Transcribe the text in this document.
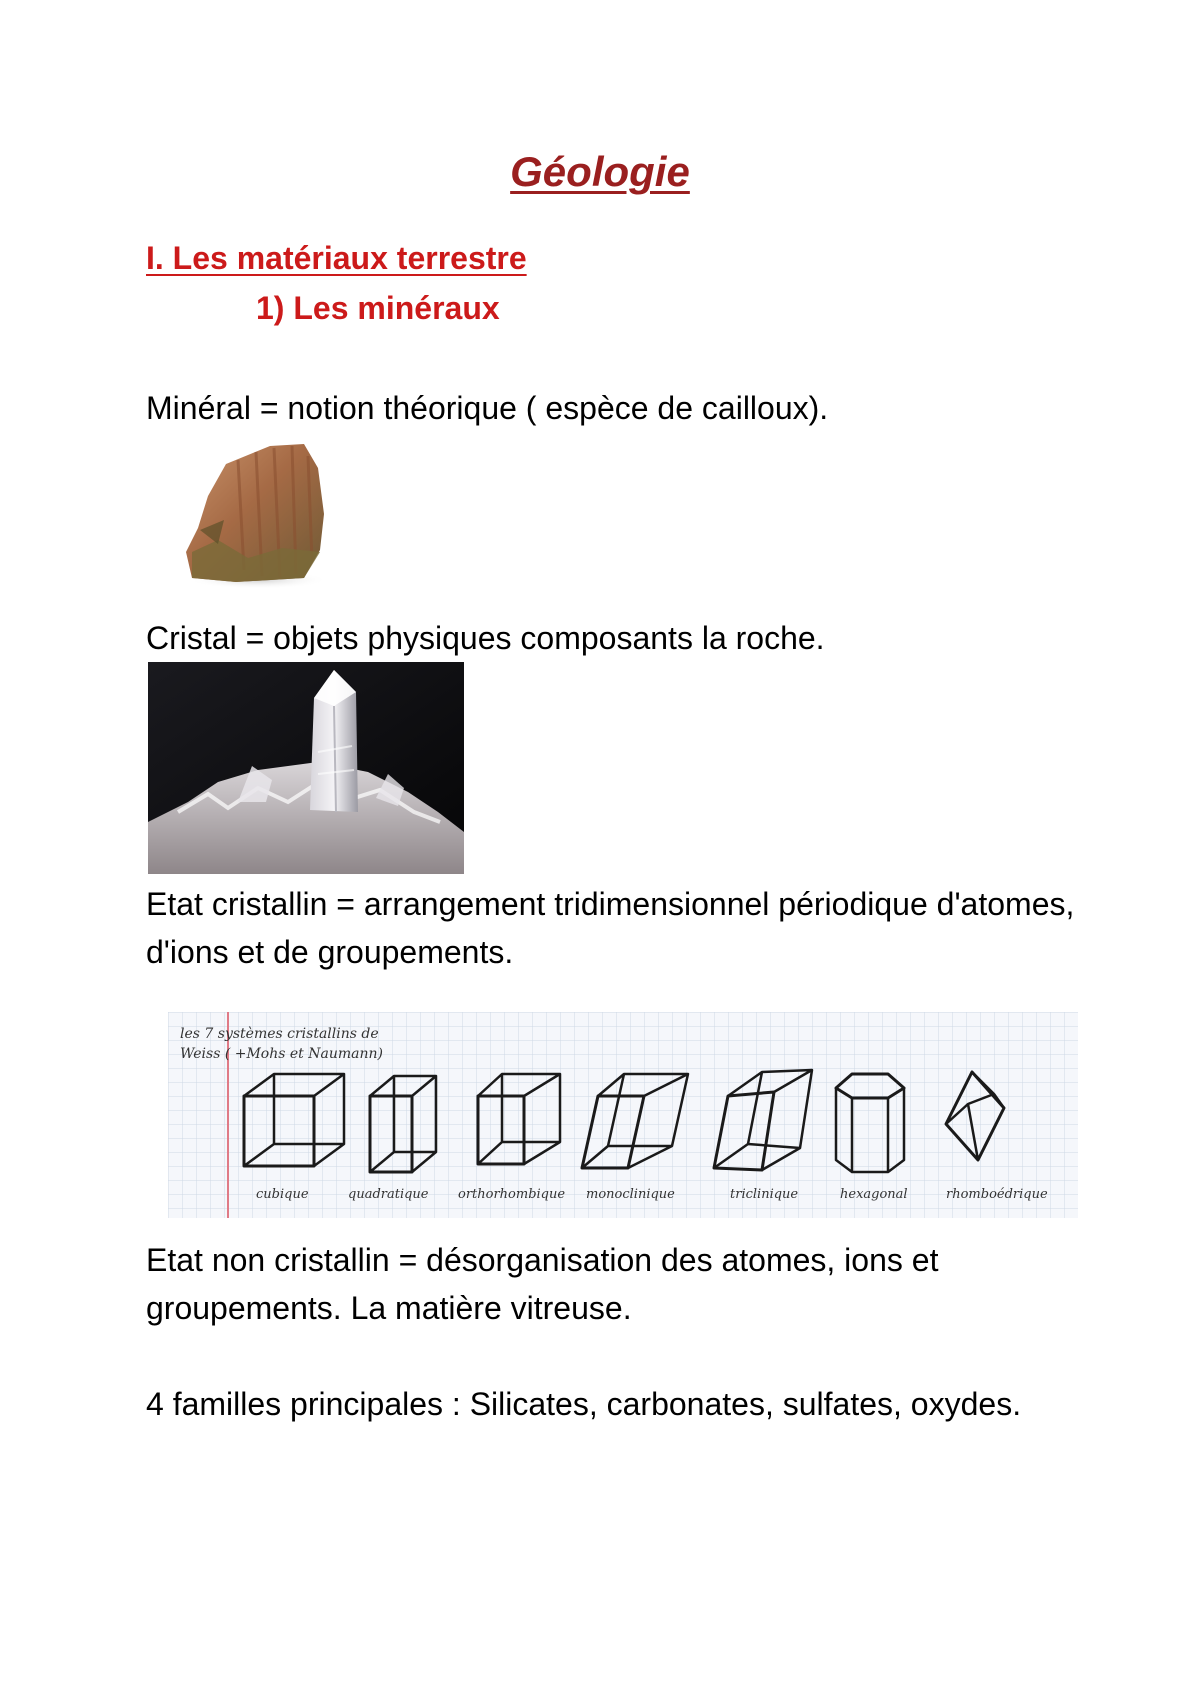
Géologie
I. Les matériaux terrestre
1) Les minéraux

Minéral = notion théorique ( espèce de cailloux).

Cristal = objets physiques composants la roche.

Etat cristallin = arrangement tridimensionnel périodique d'atomes, d'ions et de groupements.

les 7 systèmes cristallins de
Weiss ( +Mohs et Naumann)
cubique	quadratique orthorhombique monoclinique	triclinique	hexagonal	rhomboédrique

Etat non cristallin = désorganisation des atomes, ions et groupements. La matière vitreuse.

4 familles principales : Silicates, carbonates, sulfates, oxydes.
